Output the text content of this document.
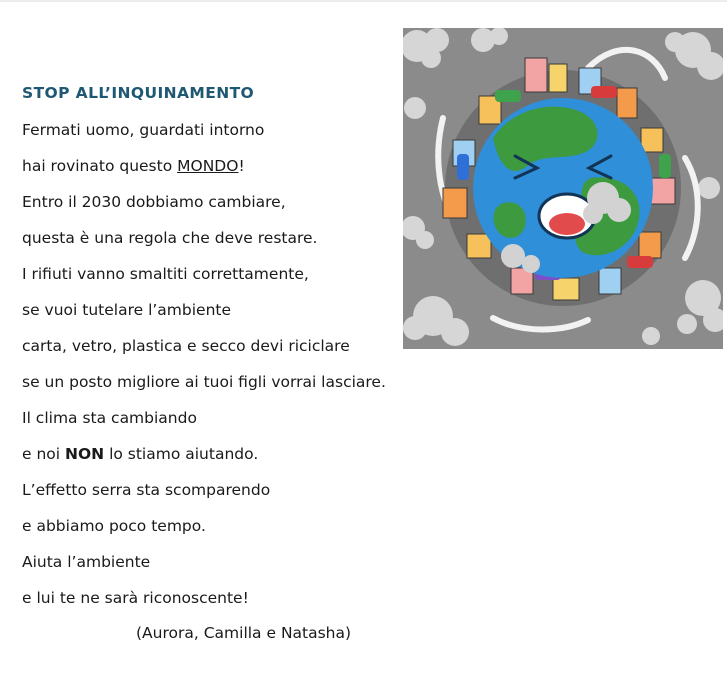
STOP ALL’INQUINAMENTO
Fermati uomo, guardati intorno
hai rovinato questo MONDO!
Entro il 2030 dobbiamo cambiare,
questa è una regola che deve restare.
I rifiuti vanno smaltiti correttamente,
se vuoi tutelare l’ambiente
carta, vetro, plastica e secco devi riciclare
se un posto migliore ai tuoi figli vorrai lasciare.
Il clima sta cambiando
e noi NON lo stiamo aiutando.
L’effetto serra sta scomparendo
e abbiamo poco tempo.
Aiuta l’ambiente
e lui te ne sarà riconoscente!
(Aurora, Camilla e Natasha)
